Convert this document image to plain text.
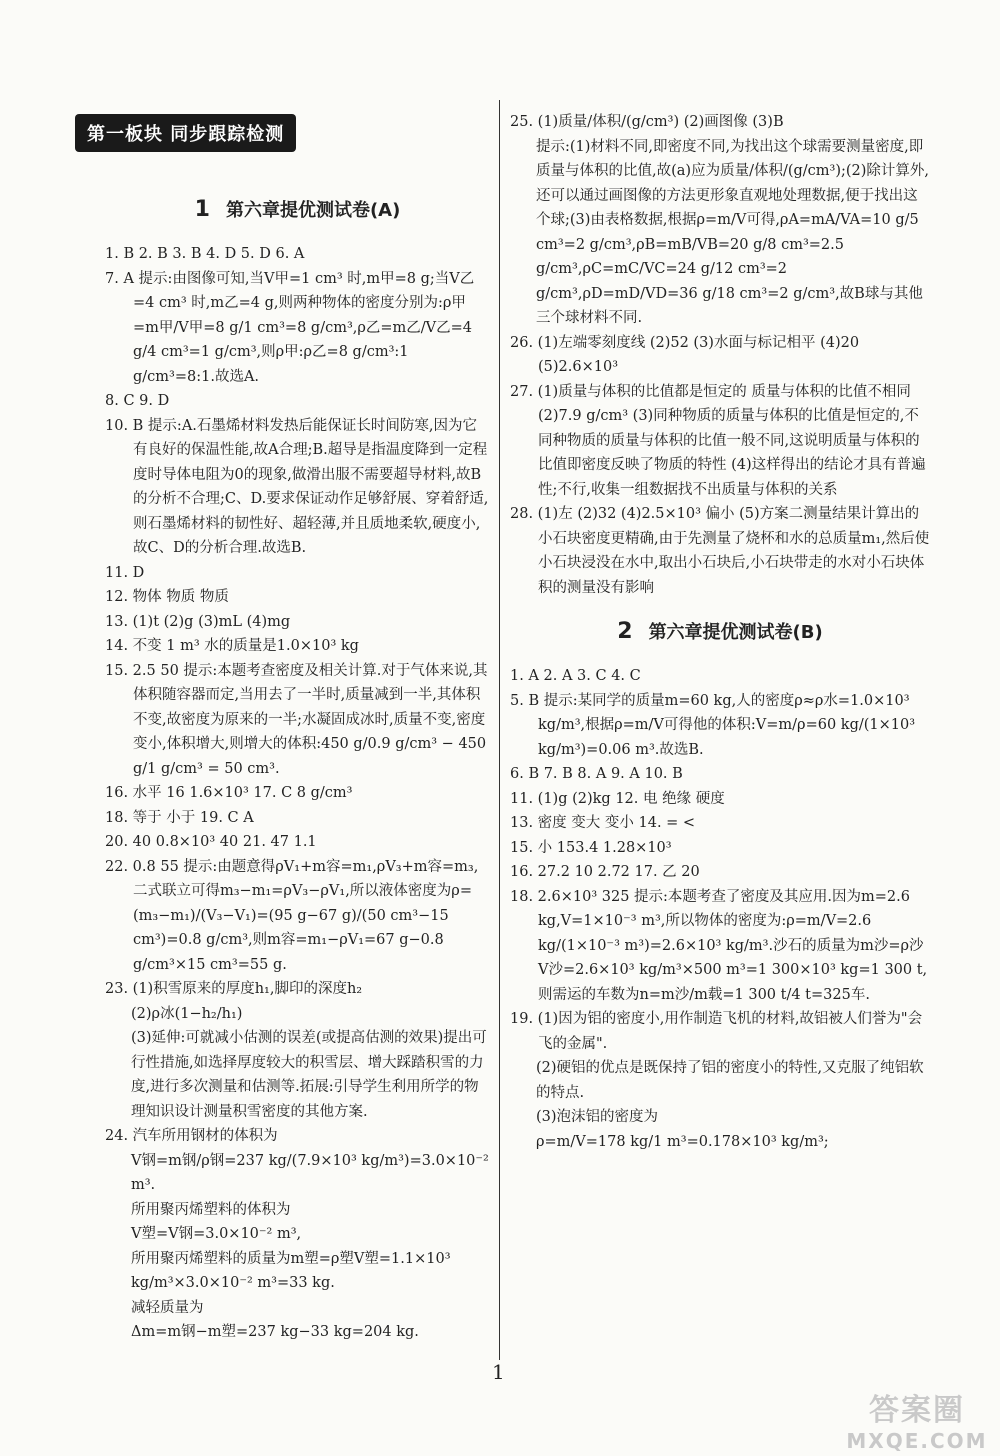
第一板块 同步跟踪检测
1 第六章提优测试卷(A)

1. B 2. B 3. B 4. D 5. D 6. A

7. A 提示:由图像可知,当V甲=1 cm³ 时,m甲=8 g;当V乙=4 cm³ 时,m乙=4 g,则两种物体的密度分别为:ρ甲=m甲/V甲=8 g/1 cm³=8 g/cm³,ρ乙=m乙/V乙=4 g/4 cm³=1 g/cm³,则ρ甲:ρ乙=8 g/cm³:1 g/cm³=8:1.故选A.

8. C 9. D

10. B 提示:A.石墨烯材料发热后能保证长时间防寒,因为它有良好的保温性能,故A合理;B.超导是指温度降到一定程度时导体电阻为0的现象,做滑出服不需要超导材料,故B的分析不合理;C、D.要求保证动作足够舒展、穿着舒适,则石墨烯材料的韧性好、超轻薄,并且质地柔软,硬度小,故C、D的分析合理.故选B.

11. D

12. 物体 物质 物质

13. (1)t (2)g (3)mL (4)mg

14. 不变 1 m³ 水的质量是1.0×10³ kg

15. 2.5 50 提示:本题考查密度及相关计算.对于气体来说,其体积随容器而定,当用去了一半时,质量减到一半,其体积不变,故密度为原来的一半;水凝固成冰时,质量不变,密度变小,体积增大,则增大的体积:450 g/0.9 g/cm³ − 450 g/1 g/cm³ = 50 cm³.

16. 水平 16 1.6×10³ 17. C 8 g/cm³

18. 等于 小于 19. C A

20. 40 0.8×10³ 40 21. 47 1.1

22. 0.8 55 提示:由题意得ρV₁+m容=m₁,ρV₃+m容=m₃,二式联立可得m₃−m₁=ρV₃−ρV₁,所以液体密度为ρ=(m₃−m₁)/(V₃−V₁)=(95 g−67 g)/(50 cm³−15 cm³)=0.8 g/cm³,则m容=m₁−ρV₁=67 g−0.8 g/cm³×15 cm³=55 g.

23. (1)积雪原来的厚度h₁,脚印的深度h₂

(2)ρ冰(1−h₂/h₁)

(3)延伸:可就减小估测的误差(或提高估测的效果)提出可行性措施,如选择厚度较大的积雪层、增大踩踏积雪的力度,进行多次测量和估测等.拓展:引导学生利用所学的物理知识设计测量积雪密度的其他方案.

24. 汽车所用钢材的体积为

V钢=m钢/ρ钢=237 kg/(7.9×10³ kg/m³)=3.0×10⁻² m³.

所用聚丙烯塑料的体积为

V塑=V钢=3.0×10⁻² m³,

所用聚丙烯塑料的质量为m塑=ρ塑V塑=1.1×10³ kg/m³×3.0×10⁻² m³=33 kg.

减轻质量为

Δm=m钢−m塑=237 kg−33 kg=204 kg.

25. (1)质量/体积/(g/cm³) (2)画图像 (3)B

提示:(1)材料不同,即密度不同,为找出这个球需要测量密度,即质量与体积的比值,故(a)应为质量/体积/(g/cm³);(2)除计算外,还可以通过画图像的方法更形象直观地处理数据,便于找出这个球;(3)由表格数据,根据ρ=m/V可得,ρA=mA/VA=10 g/5 cm³=2 g/cm³,ρB=mB/VB=20 g/8 cm³=2.5 g/cm³,ρC=mC/VC=24 g/12 cm³=2 g/cm³,ρD=mD/VD=36 g/18 cm³=2 g/cm³,故B球与其他三个球材料不同.

26. (1)左端零刻度线 (2)52 (3)水面与标记相平 (4)20 (5)2.6×10³

27. (1)质量与体积的比值都是恒定的 质量与体积的比值不相同 (2)7.9 g/cm³ (3)同种物质的质量与体积的比值是恒定的,不同种物质的质量与体积的比值一般不同,这说明质量与体积的比值即密度反映了物质的特性 (4)这样得出的结论才具有普遍性;不行,收集一组数据找不出质量与体积的关系

28. (1)左 (2)32 (4)2.5×10³ 偏小 (5)方案二测量结果计算出的小石块密度更精确,由于先测量了烧杯和水的总质量m₁,然后使小石块浸没在水中,取出小石块后,小石块带走的水对小石块体积的测量没有影响

2 第六章提优测试卷(B)

1. A 2. A 3. C 4. C

5. B 提示:某同学的质量m=60 kg,人的密度ρ≈ρ水=1.0×10³ kg/m³,根据ρ=m/V可得他的体积:V=m/ρ=60 kg/(1×10³ kg/m³)=0.06 m³.故选B.

6. B 7. B 8. A 9. A 10. B

11. (1)g (2)kg 12. 电 绝缘 硬度

13. 密度 变大 变小 14. = <

15. 小 153.4 1.28×10³

16. 27.2 10 2.72 17. 乙 20

18. 2.6×10³ 325 提示:本题考查了密度及其应用.因为m=2.6 kg,V=1×10⁻³ m³,所以物体的密度为:ρ=m/V=2.6 kg/(1×10⁻³ m³)=2.6×10³ kg/m³.沙石的质量为m沙=ρ沙V沙=2.6×10³ kg/m³×500 m³=1 300×10³ kg=1 300 t,则需运的车数为n=m沙/m载=1 300 t/4 t=325车.

19. (1)因为铝的密度小,用作制造飞机的材料,故铝被人们誉为"会飞的金属".

(2)硬铝的优点是既保持了铝的密度小的特性,又克服了纯铝软的特点.

(3)泡沫铝的密度为

ρ=m/V=178 kg/1 m³=0.178×10³ kg/m³;

1
答案圈
MXQE.COM
